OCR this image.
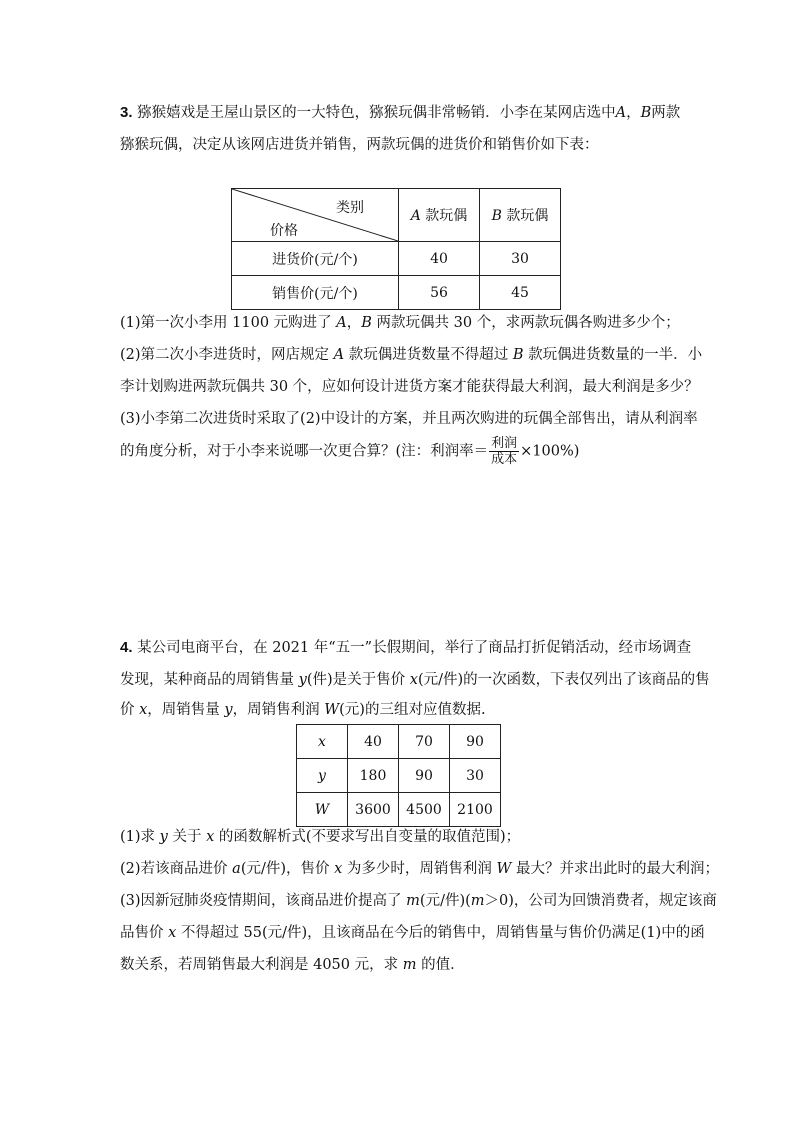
3. 猕猴嬉戏是王屋山景区的一大特色，猕猴玩偶非常畅销．小李在某网店选中A，B两款
猕猴玩偶，决定从该网店进货并销售，两款玩偶的进货价和销售价如下表：
类别
价格	A 款玩偶	B 款玩偶
进货价(元/个)	40	30
销售价(元/个)	56	45
(1)第一次小李用 1100 元购进了 A，B 两款玩偶共 30 个，求两款玩偶各购进多少个；
(2)第二次小李进货时，网店规定 A 款玩偶进货数量不得超过 B 款玩偶进货数量的一半．小
李计划购进两款玩偶共 30 个，应如何设计进货方案才能获得最大利润，最大利润是多少？
(3)小李第二次进货时采取了(2)中设计的方案，并且两次购进的玩偶全部售出，请从利润率
的角度分析，对于小李来说哪一次更合算？(注：利润率＝ $\frac{\text{利润}}{\text{成本}} \times 100\%$)
4. 某公司电商平台，在 2021 年“五一”长假期间，举行了商品打折促销活动，经市场调查
发现，某种商品的周销售量 y(件)是关于售价 x(元/件)的一次函数，下表仅列出了该商品的售
价 x，周销售量 y，周销售利润 W(元)的三组对应值数据.
x	40	70	90
y	180	90	30
W	3600	4500	2100
(1)求 y 关于 x 的函数解析式(不要求写出自变量的取值范围)；
(2)若该商品进价 a(元/件)，售价 x 为多少时，周销售利润 W 最大？并求出此时的最大利润；
(3)因新冠肺炎疫情期间，该商品进价提高了 m(元/件)(m＞0)，公司为回馈消费者，规定该商
品售价 x 不得超过 55(元/件)，且该商品在今后的销售中，周销售量与售价仍满足(1)中的函
数关系，若周销售最大利润是 4050 元，求 m 的值．
